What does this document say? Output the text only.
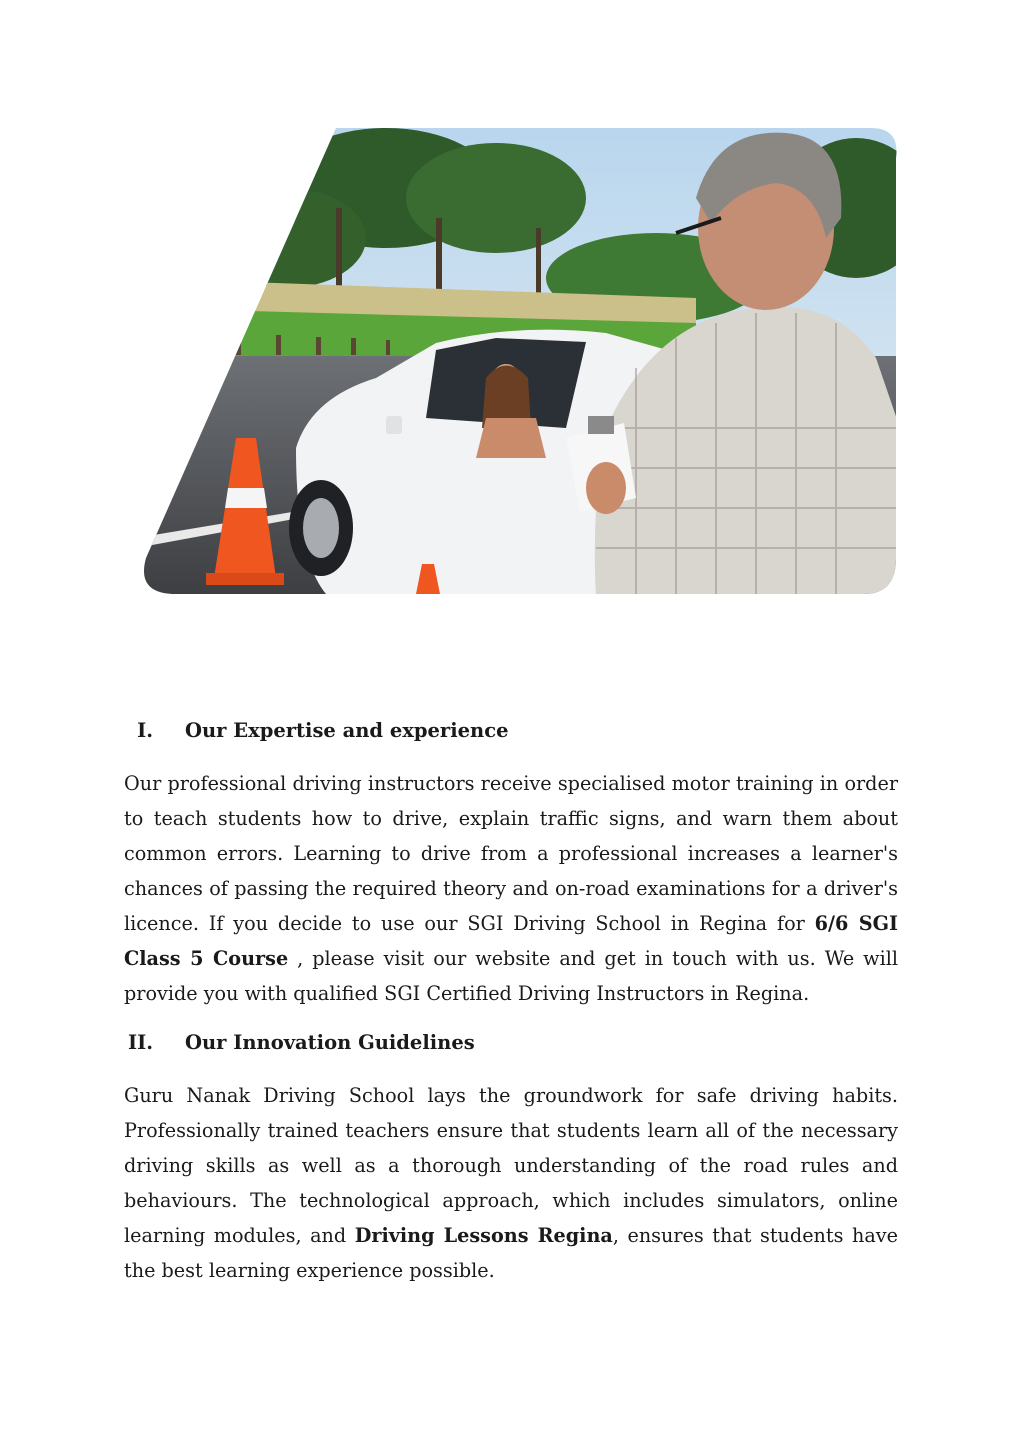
I. Our Expertise and experience

Our professional driving instructors receive specialised motor training in order to teach students how to drive, explain traffic signs, and warn them about common errors. Learning to drive from a professional increases a learner's chances of passing the required theory and on-road examinations for a driver's licence. If you decide to use our SGI Driving School in Regina for 6/6 SGI Class 5 Course , please visit our website and get in touch with us. We will provide you with qualified SGI Certified Driving Instructors in Regina.

II. Our Innovation Guidelines

Guru Nanak Driving School lays the groundwork for safe driving habits. Professionally trained teachers ensure that students learn all of the necessary driving skills as well as a thorough understanding of the road rules and behaviours. The technological approach, which includes simulators, online learning modules, and Driving Lessons Regina, ensures that students have the best learning experience possible.
